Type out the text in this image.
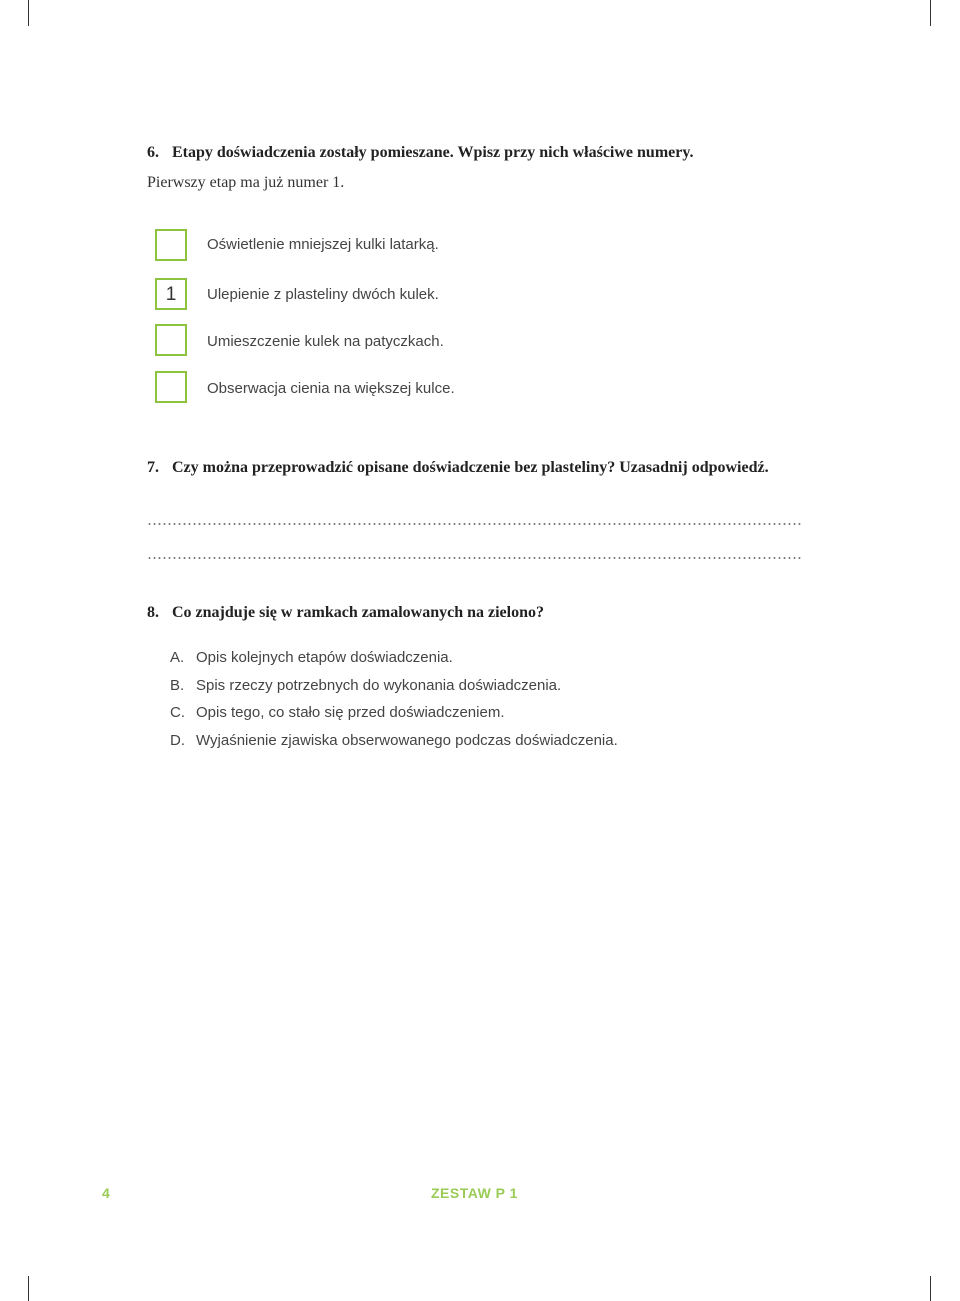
6. Etapy doświadczenia zostały pomieszane. Wpisz przy nich właściwe numery.
Pierwszy etap ma już numer 1.
Oświetlenie mniejszej kulki latarką.
1	Ulepienie z plasteliny dwóch kulek.
Umieszczenie kulek na patyczkach.
Obserwacja cienia na większej kulce.
7. Czy można przeprowadzić opisane doświadczenie bez plasteliny? Uzasadnij odpowiedź.
8. Co znajduje się w ramkach zamalowanych na zielono?
A. Opis kolejnych etapów doświadczenia.
B. Spis rzeczy potrzebnych do wykonania doświadczenia.
C. Opis tego, co stało się przed doświadczeniem.
D. Wyjaśnienie zjawiska obserwowanego podczas doświadczenia.
4	ZESTAW P 1
